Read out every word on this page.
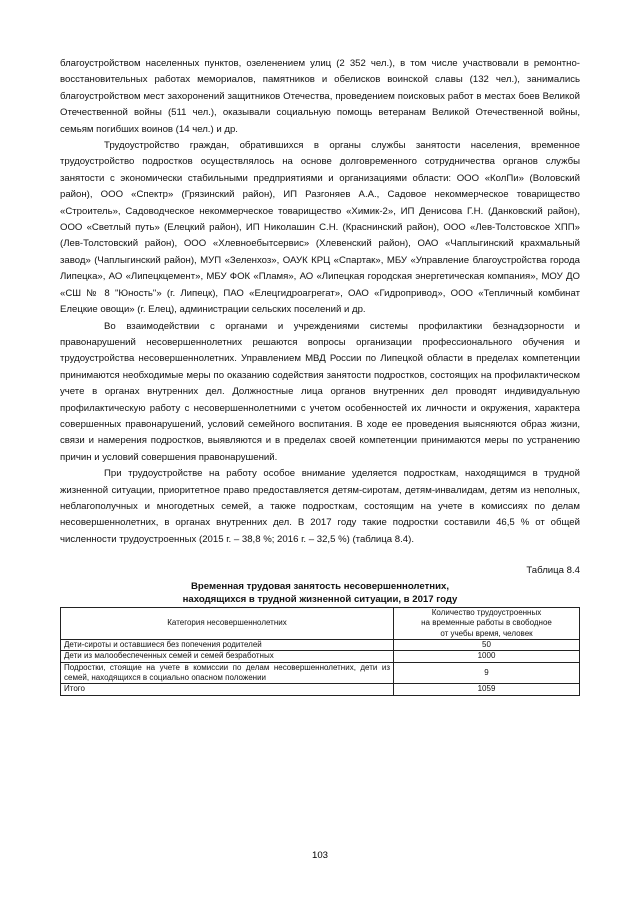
благоустройством населенных пунктов, озеленением улиц (2 352 чел.), в том числе участвовали в ремонтно-восстановительных работах мемориалов, памятников и обелисков воинской славы (132 чел.), занимались благоустройством мест захоронений защитников Отечества, проведением поисковых работ в местах боев Великой Отечественной войны (511 чел.), оказывали социальную помощь ветеранам Великой Отечественной войны, семьям погибших воинов (14 чел.) и др.

Трудоустройство граждан, обратившихся в органы службы занятости населения, временное трудоустройство подростков осуществлялось на основе долговременного сотрудничества органов службы занятости с экономически стабильными предприятиями и организациями области: ООО «КолПи» (Воловский район), ООО «Спектр» (Грязинский район), ИП Разгоняев А.А., Садовое некоммерческое товарищество «Строитель», Садоводческое некоммерческое товарищество «Химик-2», ИП Денисова Г.Н. (Данковский район), ООО «Светлый путь» (Елецкий район), ИП Николашин С.Н. (Краснинский район), ООО «Лев-Толстовское ХПП» (Лев-Толстовский район), ООО «Хлевноебытсервис» (Хлевенский район), ОАО «Чаплыгинский крахмальный завод» (Чаплыгинский район), МУП «Зеленхоз», ОАУК КРЦ «Спартак», МБУ «Управление благоустройства города Липецка», АО «Липецкцемент», МБУ ФОК «Пламя», АО «Липецкая городская энергетическая компания», МОУ ДО «СШ № 8 "Юность"» (г. Липецк), ПАО «Елецгидроагрегат», ОАО «Гидропривод», ООО «Тепличный комбинат Елецкие овощи» (г. Елец), администрации сельских поселений и др.

Во взаимодействии с органами и учреждениями системы профилактики безнадзорности и правонарушений несовершеннолетних решаются вопросы организации профессионального обучения и трудоустройства несовершеннолетних. Управлением МВД России по Липецкой области в пределах компетенции принимаются необходимые меры по оказанию содействия занятости подростков, состоящих на профилактическом учете в органах внутренних дел. Должностные лица органов внутренних дел проводят индивидуальную профилактическую работу с несовершеннолетними с учетом особенностей их личности и окружения, характера совершенных правонарушений, условий семейного воспитания. В ходе ее проведения выясняются образ жизни, связи и намерения подростков, выявляются и в пределах своей компетенции принимаются меры по устранению причин и условий совершения правонарушений.

При трудоустройстве на работу особое внимание уделяется подросткам, находящимся в трудной жизненной ситуации, приоритетное право предоставляется детям-сиротам, детям-инвалидам, детям из неполных, неблагополучных и многодетных семей, а также подросткам, состоящим на учете в комиссиях по делам несовершеннолетних, в органах внутренних дел. В 2017 году такие подростки составили 46,5 % от общей численности трудоустроенных (2015 г. – 38,8 %; 2016 г. – 32,5 %) (таблица 8.4).

Таблица 8.4

Временная трудовая занятость несовершеннолетних,
находящихся в трудной жизненной ситуации, в 2017 году
Категория несовершеннолетних	Количество трудоустроенных
на временные работы в свободное
от учебы время, человек

Дети-сироты и оставшиеся без попечения родителей	50
Дети из малообеспеченных семей и семей безработных	1000
Подростки, стоящие на учете в комиссии по делам несовершеннолетних, дети из семей, находящихся в социально опасном положении	9
Итого	1059
103
